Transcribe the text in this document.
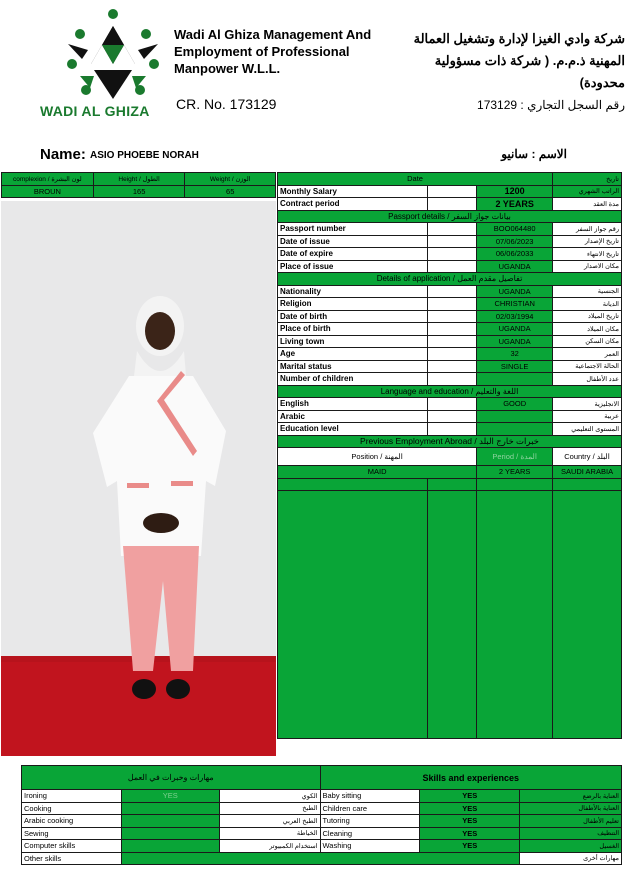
WADI AL GHIZA
Wadi Al Ghiza Management And Employment of Professional Manpower W.L.L.
CR. No. 173129
شركة وادي الغيزا لإدارة وتشغيل العمالة
المهنية ذ.م.م. ( شركة ذات مسؤولية
محدودة)
رقم السجل التجاري : 173129
Name: ASIO PHOEBE NORAH	الاسم : سانيو
complexion / لون البشرة	Height / الطول	Weight / الوزن
BROUN	165	65
Date			تاريخ
Monthly Salary		1200	الراتب الشهري
Contract period		2 YEARS	مدة العقد
Passport details / بيانات جواز السفر			
Passport number		BOO064480	رقم جواز السفر
Date of issue		07/06/2023	تاريخ الإصدار
Date of expire		06/06/2033	تاريخ الانتهاء
Place of issue		UGANDA	مكان الاصدار
Details of application / تفاصيل مقدم العمل			
Nationality		UGANDA	الجنسية
Religion		CHRISTIAN	الديانة
Date of birth		02/03/1994	تاريخ الميلاد
Place of birth		UGANDA	مكان الميلاد
Living town		UGANDA	مكان السكن
Age		32	العمر
Marital status		SINGLE	الحالة الاجتماعية
Number of children			عدد الأطفال
Language and education / اللغة والتعليم			
English		GOOD	الانجليزية
Arabic			عربية
Education level			المستوى التعليمي
Previous Employment Abroad / خبرات خارج البلد			
Position / المهنة		Period / المدة	Country / البلد
MAID		2 YEARS	SAUDI ARABIA

مهارات وخبرات في العمل			Skills and experiences		
Ironing	YES	الكوي	Baby sitting	YES	العناية بالرضع
Cooking		الطبخ	Children care	YES	العناية بالأطفال
Arabic cooking		الطبخ العربي	Tutoring	YES	تعليم الأطفال
Sewing		الخياطة	Cleaning	YES	التنظيف
Computer skills		استخدام الكمبيوتر	Washing	YES	الغسيل
Other skills					مهارات أخرى
